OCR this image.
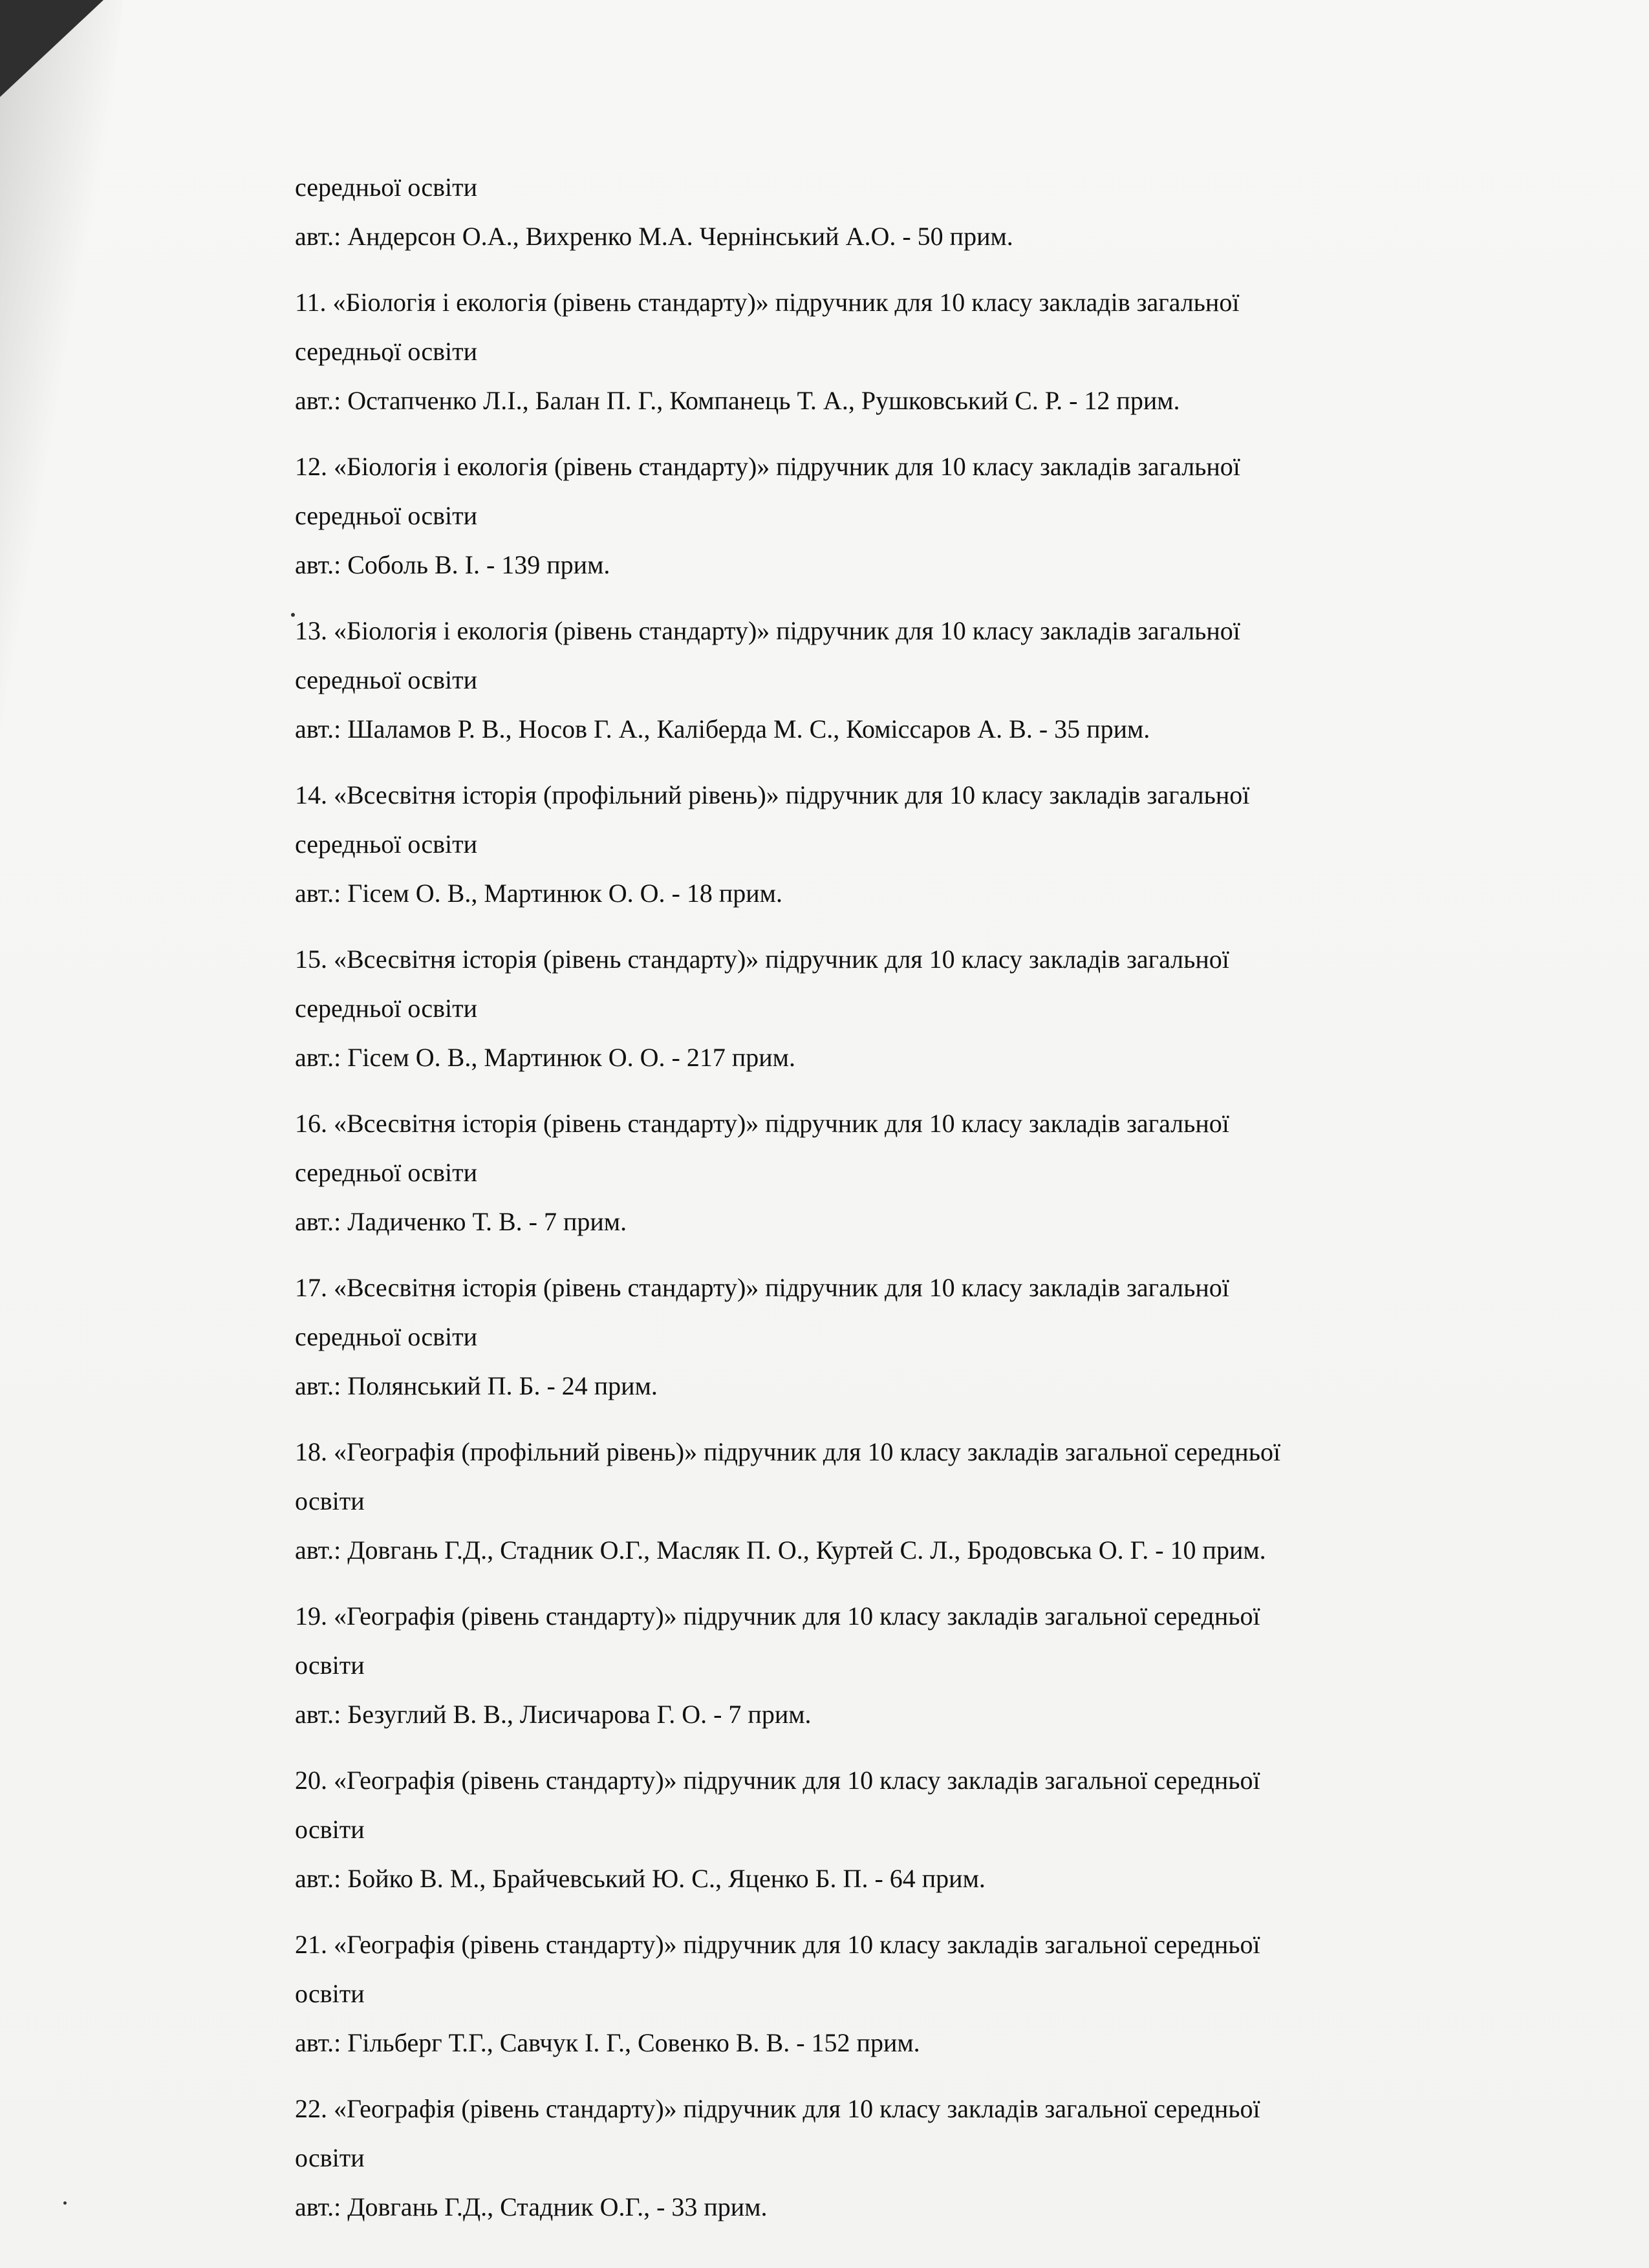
середньої освіти
авт.: Андерсон О.А., Вихренко М.А. Чернінський А.О. - 50 прим.
11. «Біологія і екологія (рівень стандарту)» підручник для 10 класу закладів загальної
середньої освіти
авт.: Остапченко Л.І., Балан П. Г., Компанець Т. А., Рушковський С. Р. - 12 прим.
12. «Біологія і екологія (рівень стандарту)» підручник для 10 класу закладів загальної
середньої освіти
авт.: Соболь В. І. - 139 прим.
13. «Біологія і екологія (рівень стандарту)» підручник для 10 класу закладів загальної
середньої освіти
авт.: Шаламов Р. В., Носов Г. А., Каліберда М. С., Коміссаров А. В. - 35 прим.
14. «Всесвітня історія (профільний рівень)» підручник для 10 класу закладів загальної
середньої освіти
авт.: Гісем О. В., Мартинюк О. О. - 18 прим.
15. «Всесвітня історія (рівень стандарту)» підручник для 10 класу закладів загальної
середньої освіти
авт.: Гісем О. В., Мартинюк О. О. - 217 прим.
16. «Всесвітня історія (рівень стандарту)» підручник для 10 класу закладів загальної
середньої освіти
авт.: Ладиченко Т. В. - 7 прим.
17. «Всесвітня історія (рівень стандарту)» підручник для 10 класу закладів загальної
середньої освіти
авт.: Полянський П. Б. - 24 прим.
18. «Географія (профільний рівень)» підручник для 10 класу закладів загальної середньої
освіти
авт.: Довгань Г.Д., Стадник О.Г., Масляк П. О., Куртей С. Л., Бродовська О. Г. - 10 прим.
19. «Географія (рівень стандарту)» підручник для 10 класу закладів загальної середньої
освіти
авт.: Безуглий В. В., Лисичарова Г. О. - 7 прим.
20. «Географія (рівень стандарту)» підручник для 10 класу закладів загальної середньої
освіти
авт.: Бойко В. М., Брайчевський Ю. С., Яценко Б. П. - 64 прим.
21. «Географія (рівень стандарту)» підручник для 10 класу закладів загальної середньої
освіти
авт.: Гільберг Т.Г., Савчук І. Г., Совенко В. В. - 152 прим.
22. «Географія (рівень стандарту)» підручник для 10 класу закладів загальної середньої
освіти
авт.: Довгань Г.Д., Стадник О.Г., - 33 прим.
